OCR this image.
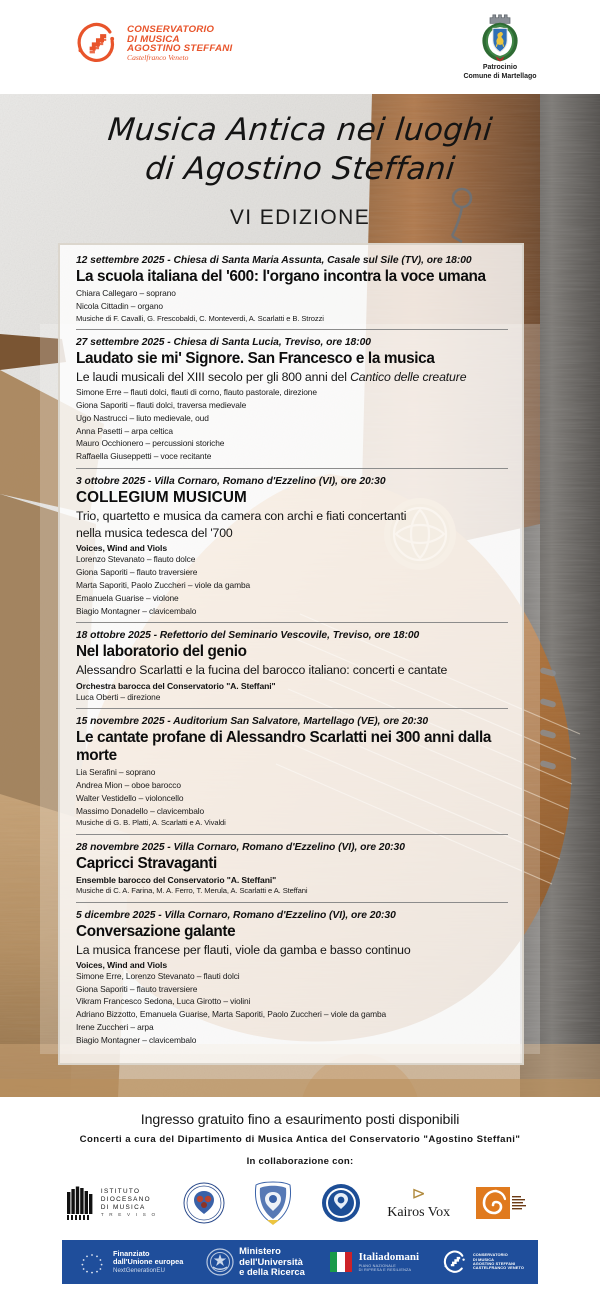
CONSERVATORIO
DI MUSICA
AGOSTINO STEFFANI
Castelfranco Veneto
Patrocinio
Comune di Martellago
Musica Antica nei luoghi
di Agostino Steffani
VI EDIZIONE
12 settembre 2025 - Chiesa di Santa Maria Assunta, Casale sul Sile (TV), ore 18:00
La scuola italiana del '600: l'organo incontra la voce umana
Chiara Callegaro – soprano
Nicola Cittadin – organo
Musiche di F. Cavalli, G. Frescobaldi, C. Monteverdi, A. Scarlatti e B. Strozzi
27 settembre 2025 - Chiesa di Santa Lucia, Treviso, ore 18:00
Laudato sie mi' Signore. San Francesco e la musica
Le laudi musicali del XIII secolo per gli 800 anni del Cantico delle creature
Simone Erre – flauti dolci, flauti di corno, flauto pastorale, direzione
Giona Saporiti – flauti dolci, traversa medievale
Ugo Nastrucci – liuto medievale, oud
Anna Pasetti – arpa celtica
Mauro Occhionero – percussioni storiche
Raffaella Giuseppetti – voce recitante
3 ottobre 2025 - Villa Cornaro, Romano d'Ezzelino (VI), ore 20:30
COLLEGIUM MUSICUM
Trio, quartetto e musica da camera con archi e fiati concertanti
nella musica tedesca del '700
Voices, Wind and Viols
Lorenzo Stevanato – flauto dolce
Giona Saporiti – flauto traversiere
Marta Saporiti, Paolo Zuccheri – viole da gamba
Emanuela Guarise – violone
Biagio Montagner – clavicembalo
18 ottobre 2025 - Refettorio del Seminario Vescovile, Treviso, ore 18:00
Nel laboratorio del genio
Alessandro Scarlatti e la fucina del barocco italiano: concerti e cantate
Orchestra barocca del Conservatorio "A. Steffani"
Luca Oberti – direzione
15 novembre 2025 - Auditorium San Salvatore, Martellago (VE), ore 20:30
Le cantate profane di Alessandro Scarlatti nei 300 anni dalla morte
Lia Serafini – soprano
Andrea Mion – oboe barocco
Walter Vestidello – violoncello
Massimo Donadello – clavicembalo
Musiche di G. B. Platti, A. Scarlatti e A. Vivaldi
28 novembre 2025 - Villa Cornaro, Romano d'Ezzelino (VI), ore 20:30
Capricci Stravaganti
Ensemble barocco del Conservatorio "A. Steffani"
Musiche di C. A. Farina, M. A. Ferro, T. Merula, A. Scarlatti e A. Steffani
5 dicembre 2025 - Villa Cornaro, Romano d'Ezzelino (VI), ore 20:30
Conversazione galante
La musica francese per flauti, viole da gamba e basso continuo
Voices, Wind and Viols
Simone Erre, Lorenzo Stevanato – flauti dolci
Giona Saporiti – flauto traversiere
Vikram Francesco Sedona, Luca Girotto – violini
Adriano Bizzotto, Emanuela Guarise, Marta Saporiti, Paolo Zuccheri – viole da gamba
Irene Zuccheri – arpa
Biagio Montagner – clavicembalo
Ingresso gratuito fino a esaurimento posti disponibili
Concerti a cura del Dipartimento di Musica Antica del Conservatorio "Agostino Steffani"
In collaborazione con:
ISTITUTO
DIOCESANO
DI MUSICA
T R E V I S O
⊳
Kairos Vox
Finanziato
dall'Unione europea
NextGenerationEU
Ministero
dell'Università
e della Ricerca
Italiadomani
PIANO NAZIONALE
DI RIPRESA E RESILIENZA
CONSERVATORIO
DI MUSICA
AGOSTINO STEFFANI
CASTELFRANCO VENETO
